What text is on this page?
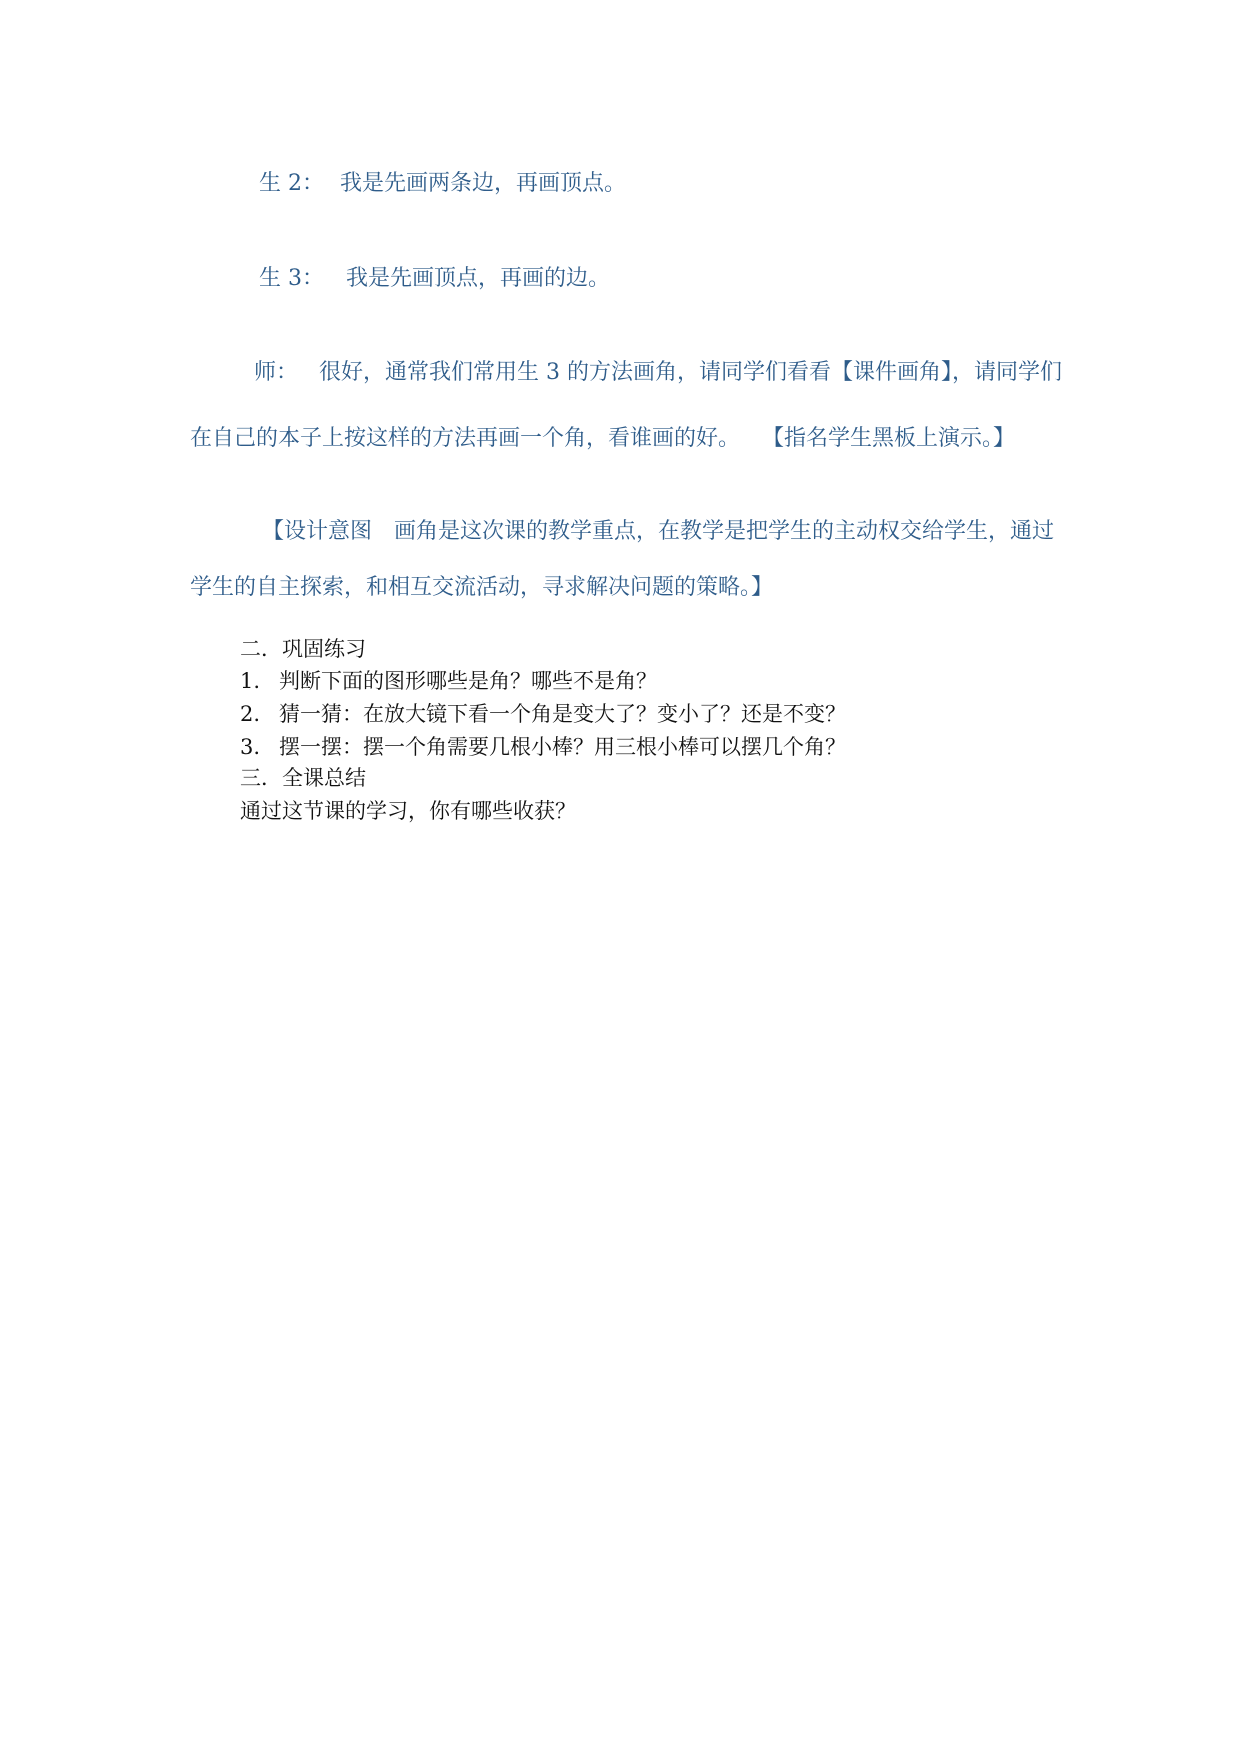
生 2： 我是先画两条边，再画顶点。
生 3： 我是先画顶点，再画的边。
师： 很好，通常我们常用生 3 的方法画角，请同学们看看【课件画角】，请同学们
在自己的本子上按这样的方法再画一个角，看谁画的好。 【指名学生黑板上演示。】
【设计意图 画角是这次课的教学重点，在教学是把学生的主动权交给学生，通过
学生的自主探索，和相互交流活动，寻求解决问题的策略。】
二．巩固练习
1. 判断下面的图形哪些是角？哪些不是角？
2. 猜一猜：在放大镜下看一个角是变大了？变小了？还是不变？
3. 摆一摆：摆一个角需要几根小棒？用三根小棒可以摆几个角？
三．全课总结
通过这节课的学习，你有哪些收获？
